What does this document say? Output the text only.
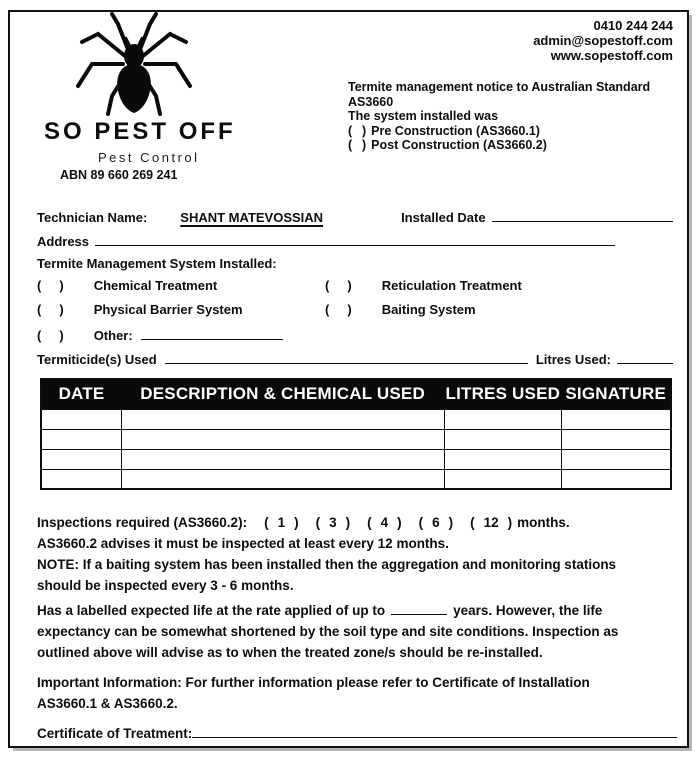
SO PEST OFF
Pest Control
ABN 89 660 269 241
0410 244 244
admin@sopestoff.com
www.sopestoff.com
Termite management notice to Australian Standard
AS3660
The system installed was
( ) Pre Construction (AS3660.1)
( ) Post Construction (AS3660.2)
Technician Name:	SHANT MATEVOSSIAN	Installed Date
Address
Termite Management System Installed:
( ) Chemical Treatment	( ) Reticulation Treatment
( ) Physical Barrier System	( ) Baiting System
( ) Other:
Termiticide(s) Used	Litres Used:
DATE	DESCRIPTION & CHEMICAL USED	LITRES USED	SIGNATURE

Inspections required (AS3660.2): ( 1 ) ( 3 ) ( 4 ) ( 6 ) ( 12 ) months.
AS3660.2 advises it must be inspected at least every 12 months.
NOTE: If a baiting system has been installed then the aggregation and monitoring stations
should be inspected every 3 - 6 months.
Has a labelled expected life at the rate applied of up to	years. However, the life
expectancy can be somewhat shortened by the soil type and site conditions. Inspection as
outlined above will advise as to when the treated zone/s should be re-installed.
Important Information: For further information please refer to Certificate of Installation
AS3660.1 & AS3660.2.
Certificate of Treatment:
